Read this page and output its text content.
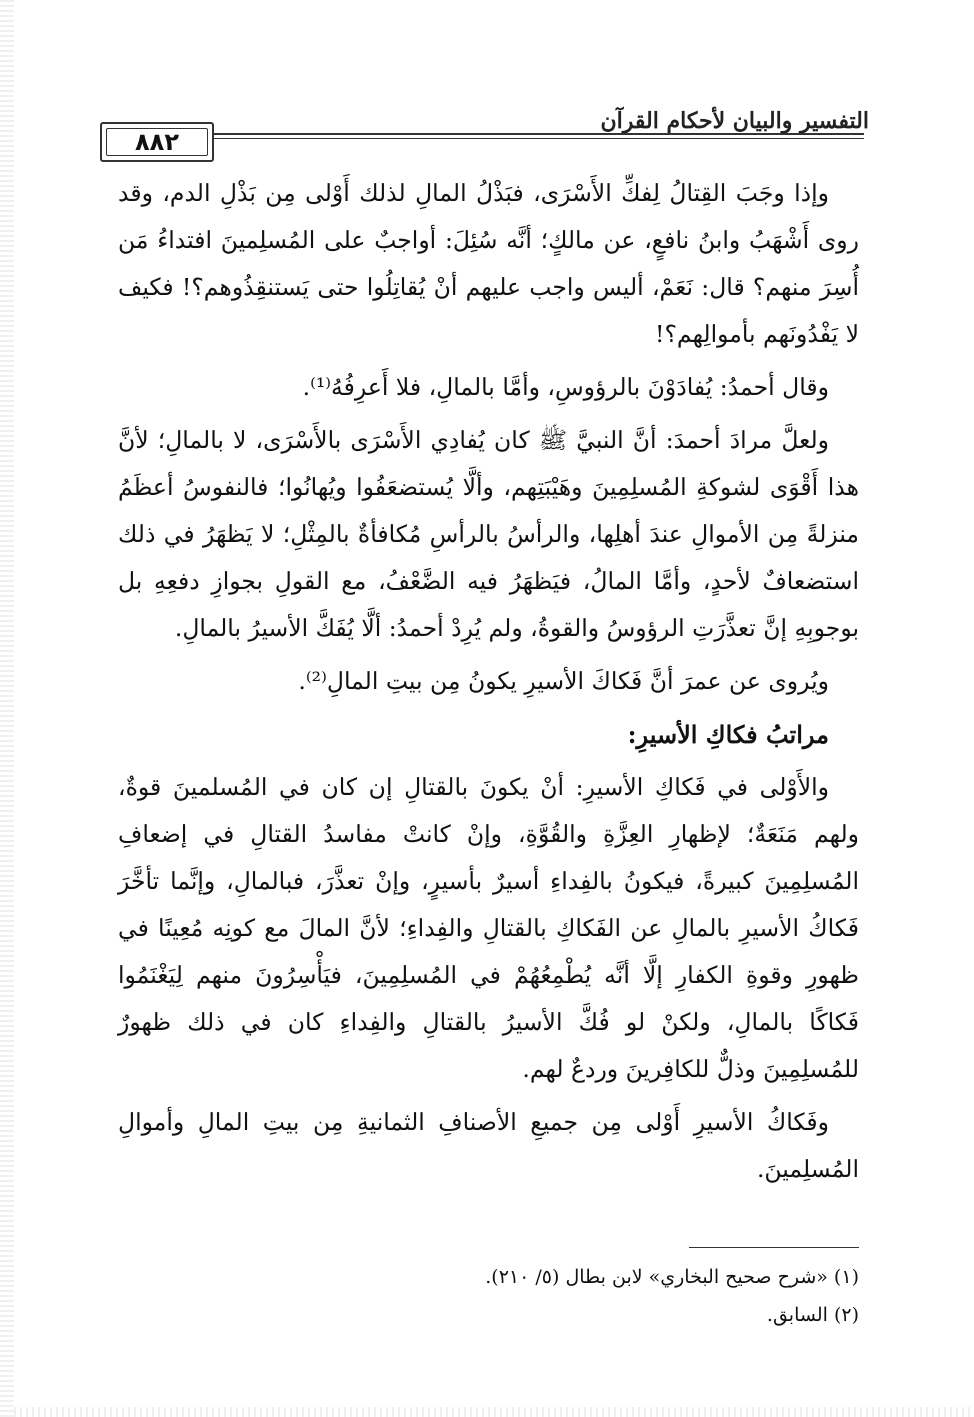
التفسير والبيان لأحكام القرآن
٨٨٢

وإذا وجَبَ القِتالُ لِفكِّ الأَسْرَى، فبَذْلُ المالِ لذلك أَوْلى مِن بَذْلِ الدم، وقد روى أَشْهَبُ وابنُ نافعٍ، عن مالكٍ؛ أنَّه سُئِلَ: أواجبٌ على المُسلِمينَ افتداءُ مَن أُسِرَ منهم؟ قال: نَعَمْ، أليس واجب عليهم أنْ يُقاتِلُوا حتى يَستنقِذُوهم؟! فكيف لا يَفْدُونَهم بأموالِهم؟!

وقال أحمدُ: يُفادَوْنَ بالرؤوسِ، وأمَّا بالمالِ، فلا أَعرِفُهُ⁽¹⁾.

ولعلَّ مرادَ أحمدَ: أنَّ النبيَّ ﷺ كان يُفادِي الأَسْرَى بالأَسْرَى، لا بالمالِ؛ لأنَّ هذا أَقْوَى لشوكةِ المُسلِمِينَ وهَيْبَتِهم، وألَّا يُستضعَفُوا ويُهانُوا؛ فالنفوسُ أعظَمُ منزلةً مِن الأموالِ عندَ أهلِها، والرأسُ بالرأسِ مُكافأةٌ بالمِثْلِ؛ لا يَظهَرُ في ذلك استضعافٌ لأحدٍ، وأمَّا المالُ، فيَظهَرُ فيه الضَّعْفُ، مع القولِ بجوازِ دفعِهِ بل بوجوبِهِ إنَّ تعذَّرَتِ الرؤوسُ والقوةُ، ولم يُرِدْ أحمدُ: ألَّا يُفَكَّ الأسيرُ بالمالِ.

ويُروى عن عمرَ أنَّ فَكاكَ الأسيرِ يكونُ مِن بيتِ المالِ⁽²⁾.

مراتبُ فكاكِ الأسيرِ:

والأَوْلى في فَكاكِ الأسيرِ: أنْ يكونَ بالقتالِ إن كان في المُسلمينَ قوةٌ، ولهم مَنَعَةٌ؛ لإظهارِ العِزَّةِ والقُوَّةِ، وإنْ كانتْ مفاسدُ القتالِ في إضعافِ المُسلِمِينَ كبيرةً، فيكونُ بالفِداءِ أسيرٌ بأسيرٍ، وإنْ تعذَّرَ، فبالمالِ، وإنَّما تأخَّرَ فَكاكُ الأسيرِ بالمالِ عن الفَكاكِ بالقتالِ والفِداءِ؛ لأنَّ المالَ مع كونِه مُعِينًا في ظهورِ وقوةِ الكفارِ إلَّا أنَّه يُطْمِعُهُمْ في المُسلِمِينَ، فيَأْسِرُونَ منهم لِيَغْنَمُوا فَكاكًا بالمالِ، ولكنْ لو فُكَّ الأسيرُ بالقتالِ والفِداءِ كان في ذلك ظهورٌ للمُسلِمِينَ وذلٌّ للكافِرينَ وردعٌ لهم.

وفَكاكُ الأسيرِ أَوْلى مِن جميعِ الأصنافِ الثمانيةِ مِن بيتِ المالِ وأموالِ المُسلِمينَ.

(١) «شرح صحيح البخاري» لابن بطال (٥/ ٢١٠).
(٢) السابق.
